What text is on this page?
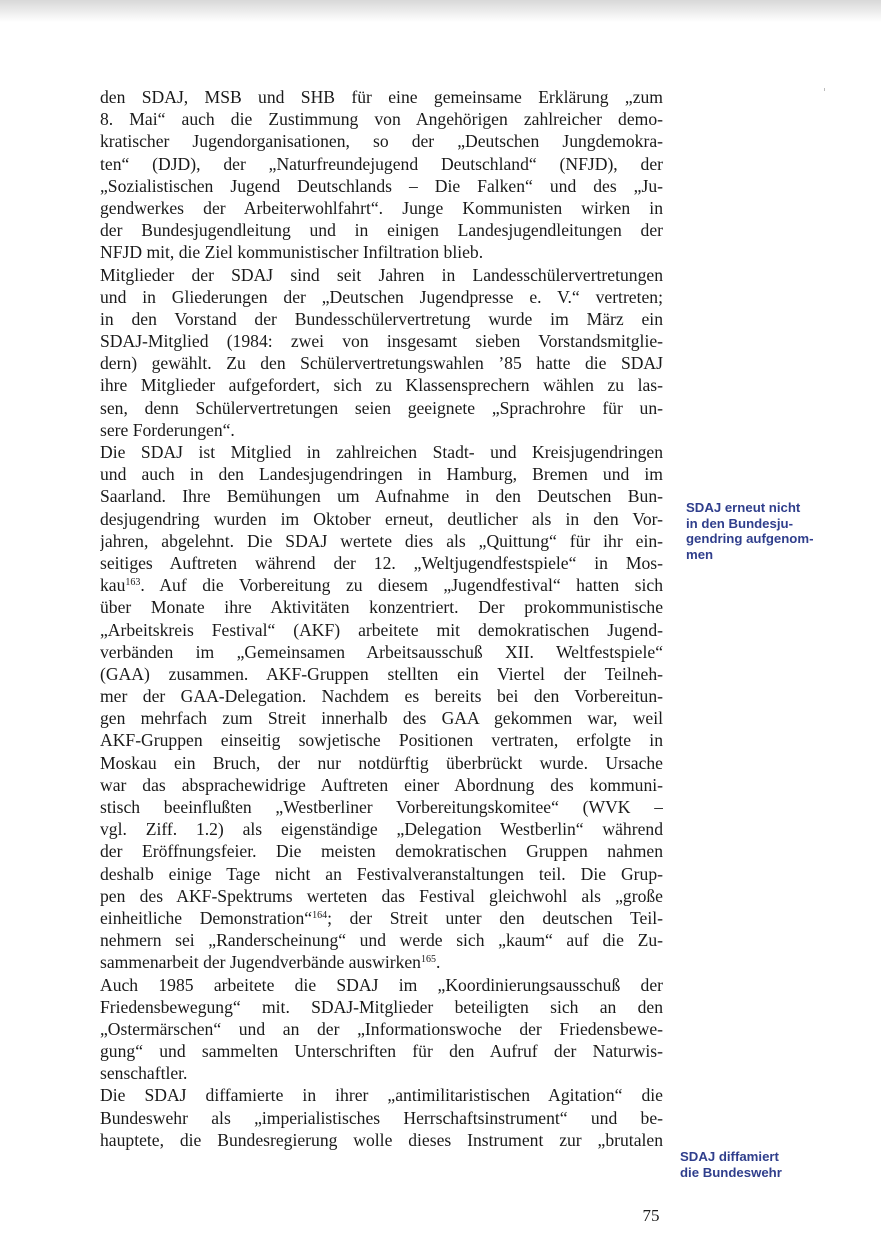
den SDAJ, MSB und SHB für eine gemeinsame Erklärung „zum
8. Mai“ auch die Zustimmung von Angehörigen zahlreicher demo-
kratischer Jugendorganisationen, so der „Deutschen Jungdemokra-
ten“ (DJD), der „Naturfreundejugend Deutschland“ (NFJD), der
„Sozialistischen Jugend Deutschlands – Die Falken“ und des „Ju-
gendwerkes der Arbeiterwohlfahrt“. Junge Kommunisten wirken in
der Bundesjugendleitung und in einigen Landesjugendleitungen der
NFJD mit, die Ziel kommunistischer Infiltration blieb.
Mitglieder der SDAJ sind seit Jahren in Landesschülervertretungen
und in Gliederungen der „Deutschen Jugendpresse e. V.“ vertreten;
in den Vorstand der Bundesschülervertretung wurde im März ein
SDAJ-Mitglied (1984: zwei von insgesamt sieben Vorstandsmitglie-
dern) gewählt. Zu den Schülervertretungswahlen ’85 hatte die SDAJ
ihre Mitglieder aufgefordert, sich zu Klassensprechern wählen zu las-
sen, denn Schülervertretungen seien geeignete „Sprachrohre für un-
sere Forderungen“.
Die SDAJ ist Mitglied in zahlreichen Stadt- und Kreisjugendringen
und auch in den Landesjugendringen in Hamburg, Bremen und im
Saarland. Ihre Bemühungen um Aufnahme in den Deutschen Bun-
desjugendring wurden im Oktober erneut, deutlicher als in den Vor-
jahren, abgelehnt. Die SDAJ wertete dies als „Quittung“ für ihr ein-
seitiges Auftreten während der 12. „Weltjugendfestspiele“ in Mos-
kau$^{163}$. Auf die Vorbereitung zu diesem „Jugendfestival“ hatten sich
über Monate ihre Aktivitäten konzentriert. Der prokommunistische
„Arbeitskreis Festival“ (AKF) arbeitete mit demokratischen Jugend-
verbänden im „Gemeinsamen Arbeitsausschuß XII. Weltfestspiele“
(GAA) zusammen. AKF-Gruppen stellten ein Viertel der Teilneh-
mer der GAA-Delegation. Nachdem es bereits bei den Vorbereitun-
gen mehrfach zum Streit innerhalb des GAA gekommen war, weil
AKF-Gruppen einseitig sowjetische Positionen vertraten, erfolgte in
Moskau ein Bruch, der nur notdürftig überbrückt wurde. Ursache
war das absprachewidrige Auftreten einer Abordnung des kommuni-
stisch beeinflußten „Westberliner Vorbereitungskomitee“ (WVK –
vgl. Ziff. 1.2) als eigenständige „Delegation Westberlin“ während
der Eröffnungsfeier. Die meisten demokratischen Gruppen nahmen
deshalb einige Tage nicht an Festivalveranstaltungen teil. Die Grup-
pen des AKF-Spektrums werteten das Festival gleichwohl als „große
einheitliche Demonstration“$^{164}$; der Streit unter den deutschen Teil-
nehmern sei „Randerscheinung“ und werde sich „kaum“ auf die Zu-
sammenarbeit der Jugendverbände auswirken$^{165}$.
Auch 1985 arbeitete die SDAJ im „Koordinierungsausschuß der
Friedensbewegung“ mit. SDAJ-Mitglieder beteiligten sich an den
„Ostermärschen“ und an der „Informationswoche der Friedensbewe-
gung“ und sammelten Unterschriften für den Aufruf der Naturwis-
senschaftler.
Die SDAJ diffamierte in ihrer „antimilitaristischen Agitation“ die
Bundeswehr als „imperialistisches Herrschaftsinstrument“ und be-
hauptete, die Bundesregierung wolle dieses Instrument zur „brutalen
SDAJ erneut nicht
in den Bundesju-
gendring aufgenom-
men
SDAJ diffamiert
die Bundeswehr
75
